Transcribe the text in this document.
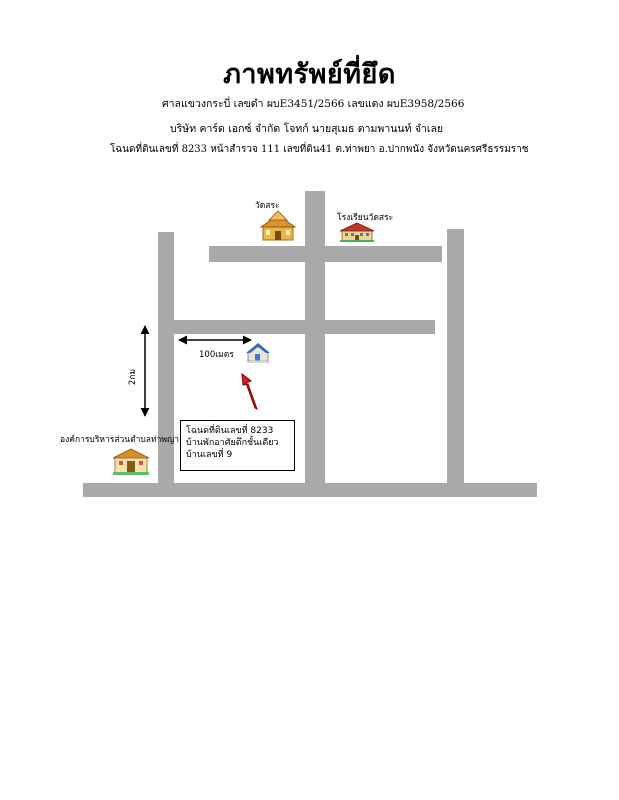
ภาพทรัพย์ที่ยึด
ศาลแขวงกระบี่ เลขดำ ผบE3451/2566 เลขแดง ผบE3958/2566
บริษัท คาร์ด เอกซ์ จำกัด โจทก์ นายสุเมธ ตามพานนท์ จำเลย
โฉนดที่ดินเลขที่ 8233 หน้าสำรวจ 111 เลขที่ดิน41 ต.ท่าพยา อ.ปากพนัง จังหวัดนครศรีธรรมราช
วัดสระ
โรงเรียนวัดสระ
องค์การบริหารส่วนตำบลท่าพญา
100เมตร
2กม
โฉนดที่ดินเลขที่ 8233
บ้านพักอาศัยตึกชั้นเดียว
บ้านเลขที่ 9
